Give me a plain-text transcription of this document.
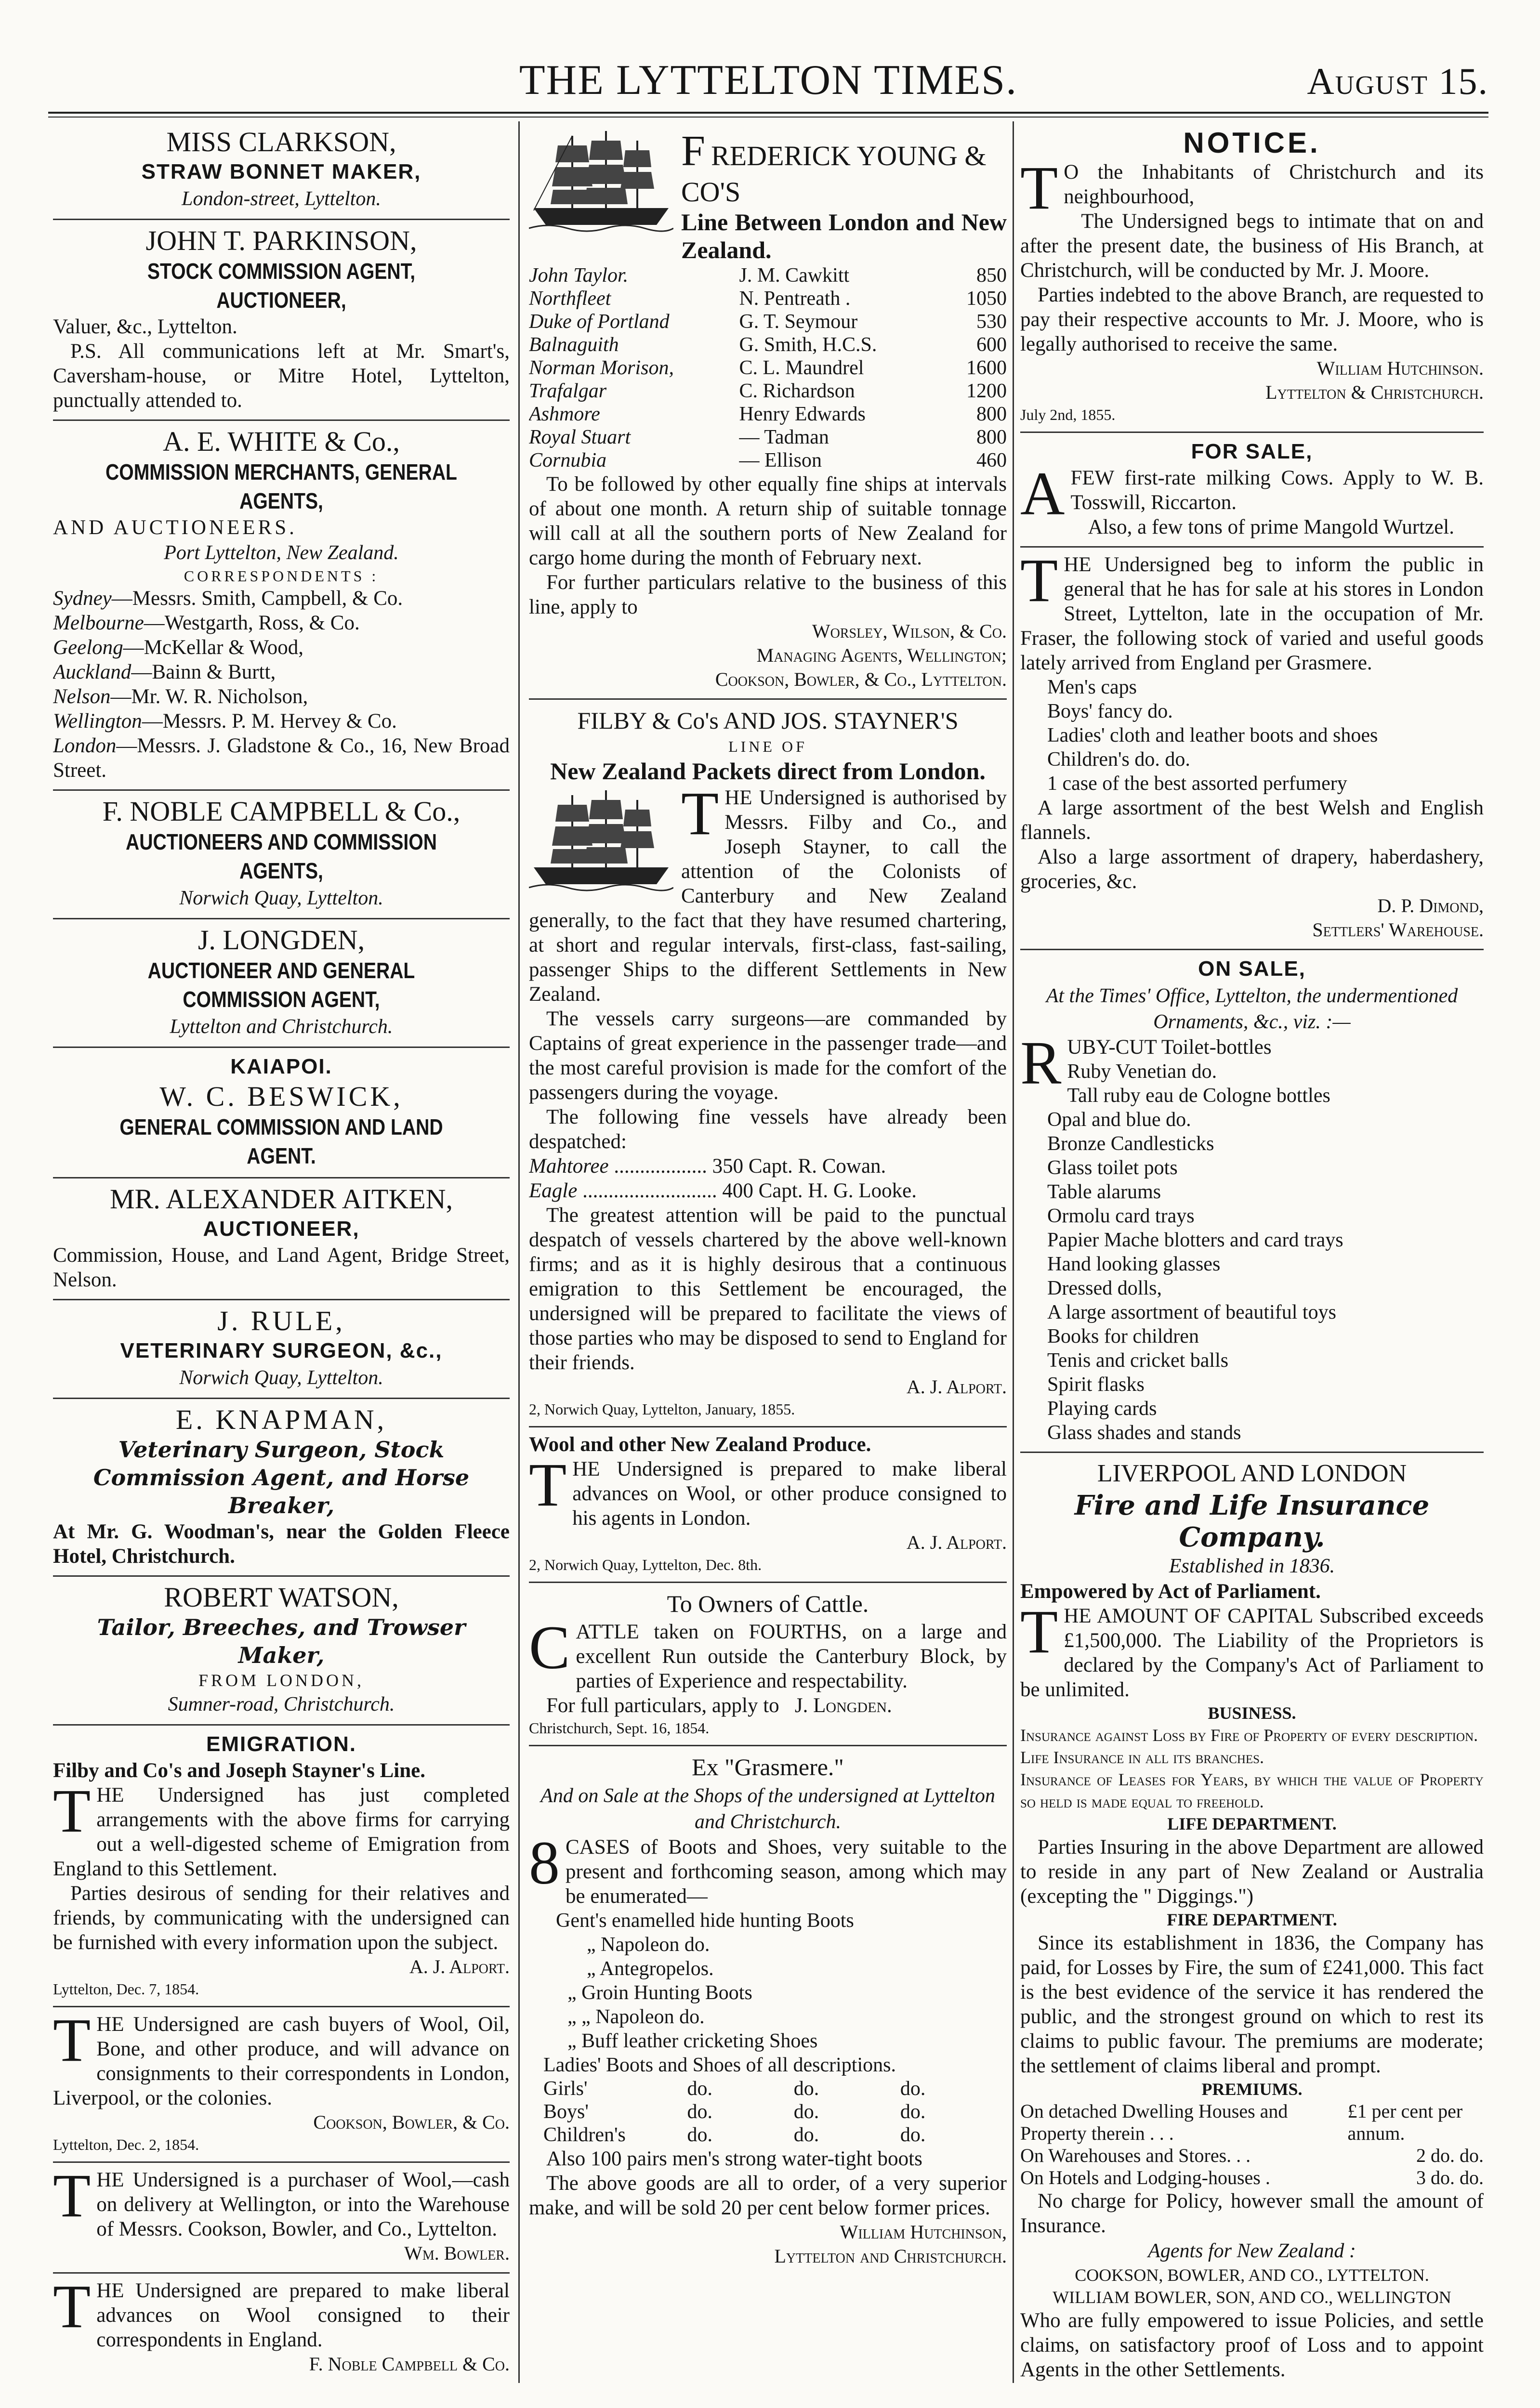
THE LYTTELTON TIMES.	August 15.

MISS CLARKSON,

STRAW BONNET MAKER,

London-street, Lyttelton.

JOHN T. PARKINSON,

STOCK COMMISSION AGENT, AUCTIONEER,

Valuer, &c., Lyttelton.

P.S. All communications left at Mr. Smart's, Caversham-house, or Mitre Hotel, Lyttelton, punctually attended to.

A. E. WHITE & Co.,

COMMISSION MERCHANTS, GENERAL AGENTS,

AND AUCTIONEERS.

Port Lyttelton, New Zealand.

CORRESPONDENTS :

Sydney—Messrs. Smith, Campbell, & Co.

Melbourne—Westgarth, Ross, & Co.

Geelong—McKellar & Wood,

Auckland—Bainn & Burtt,

Nelson—Mr. W. R. Nicholson,

Wellington—Messrs. P. M. Hervey & Co.

London—Messrs. J. Gladstone & Co., 16, New Broad Street.

F. NOBLE CAMPBELL & Co.,

AUCTIONEERS AND COMMISSION AGENTS,

Norwich Quay, Lyttelton.

J. LONGDEN,

AUCTIONEER AND GENERAL COMMISSION AGENT,

Lyttelton and Christchurch.

KAIAPOI.

W. C. BESWICK,

GENERAL COMMISSION AND LAND AGENT.

MR. ALEXANDER AITKEN,

AUCTIONEER,

Commission, House, and Land Agent, Bridge Street, Nelson.

J. RULE,

VETERINARY SURGEON, &c.,

Norwich Quay, Lyttelton.

E. KNAPMAN,

Veterinary Surgeon, Stock Commission Agent, and Horse Breaker,

At Mr. G. Woodman's, near the Golden Fleece Hotel, Christchurch.

ROBERT WATSON,

Tailor, Breeches, and Trowser Maker,

FROM LONDON,

Sumner-road, Christchurch.

EMIGRATION.

Filby and Co's and Joseph Stayner's Line.

THE Undersigned has just completed arrangements with the above firms for carrying out a well-digested scheme of Emigration from England to this Settlement.

Parties desirous of sending for their relatives and friends, by communicating with the undersigned can be furnished with every information upon the subject.

A. J. Alport.

Lyttelton, Dec. 7, 1854.

THE Undersigned are cash buyers of Wool, Oil, Bone, and other produce, and will advance on consignments to their correspondents in London, Liverpool, or the colonies.

Cookson, Bowler, & Co.

Lyttelton, Dec. 2, 1854.

THE Undersigned is a purchaser of Wool,—cash on delivery at Wellington, or into the Warehouse of Messrs. Cookson, Bowler, and Co., Lyttelton.

Wm. Bowler.

THE Undersigned are prepared to make liberal advances on Wool consigned to their correspondents in England.

F. Noble Campbell & Co.

FREDERICK YOUNG & CO'S

Line Between London and New Zealand.

John Taylor.	J. M. Cawkitt	850
Northfleet	N. Pentreath .	1050
Duke of Portland	G. T. Seymour	530
Balnaguith	G. Smith, H.C.S.	600
Norman Morison,	C. L. Maundrel	1600
Trafalgar	C. Richardson	1200
Ashmore	Henry Edwards	800
Royal Stuart	— Tadman	800
Cornubia	— Ellison	460

To be followed by other equally fine ships at intervals of about one month. A return ship of suitable tonnage will call at all the southern ports of New Zealand for cargo home during the month of February next.

For further particulars relative to the business of this line, apply to

Worsley, Wilson, & Co.

Managing Agents, Wellington;

Cookson, Bowler, & Co., Lyttelton.

FILBY & Co's AND JOS. STAYNER'S

LINE OF

New Zealand Packets direct from London.

THE Undersigned is authorised by Messrs. Filby and Co., and Joseph Stayner, to call the attention of the Colonists of Canterbury and New Zealand generally, to the fact that they have resumed chartering, at short and regular intervals, first-class, fast-sailing, passenger Ships to the different Settlements in New Zealand.

The vessels carry surgeons—are commanded by Captains of great experience in the passenger trade—and the most careful provision is made for the comfort of the passengers during the voyage.

The following fine vessels have already been despatched:

Mahtoree .................. 350 Capt. R. Cowan.

Eagle .......................... 400 Capt. H. G. Looke.

The greatest attention will be paid to the punctual despatch of vessels chartered by the above well-known firms; and as it is highly desirous that a continuous emigration to this Settlement be encouraged, the undersigned will be prepared to facilitate the views of those parties who may be disposed to send to England for their friends.

A. J. Alport.

2, Norwich Quay, Lyttelton, January, 1855.

Wool and other New Zealand Produce.

THE Undersigned is prepared to make liberal advances on Wool, or other produce consigned to his agents in London.

A. J. Alport.

2, Norwich Quay, Lyttelton, Dec. 8th.

To Owners of Cattle.

CATTLE taken on FOURTHS, on a large and excellent Run outside the Canterbury Block, by parties of Experience and respectability.

For full particulars, apply to J. Longden.

Christchurch, Sept. 16, 1854.

Ex "Grasmere."

And on Sale at the Shops of the undersigned at Lyttelton and Christchurch.

8 CASES of Boots and Shoes, very suitable to the present and forthcoming season, among which may be enumerated—

Gent's enamelled hide hunting Boots

„ Napoleon do.

„ Antegropelos.

„ Groin Hunting Boots

„ „ Napoleon do.

„ Buff leather cricketing Shoes

Ladies' Boots and Shoes of all descriptions.

Girls'	do.	do.	do.
Boys'	do.	do.	do.
Children's	do.	do.	do.

Also 100 pairs men's strong water-tight boots

The above goods are all to order, of a very superior make, and will be sold 20 per cent below former prices.

William Hutchinson,

Lyttelton and Christchurch.

NOTICE.

T O the Inhabitants of Christchurch and its neighbourhood,

The Undersigned begs to intimate that on and after the present date, the business of His Branch, at Christchurch, will be conducted by Mr. J. Moore.

Parties indebted to the above Branch, are requested to pay their respective accounts to Mr. J. Moore, who is legally authorised to receive the same.

William Hutchinson.

Lyttelton & Christchurch.

July 2nd, 1855.

FOR SALE,

AFEW first-rate milking Cows. Apply to W. B. Tosswill, Riccarton.

Also, a few tons of prime Mangold Wurtzel.

THE Undersigned beg to inform the public in general that he has for sale at his stores in London Street, Lyttelton, late in the occupation of Mr. Fraser, the following stock of varied and useful goods lately arrived from England per Grasmere.

Men's caps

Boys' fancy do.

Ladies' cloth and leather boots and shoes

Children's do. do.

1 case of the best assorted perfumery

A large assortment of the best Welsh and English flannels.

Also a large assortment of drapery, haberdashery, groceries, &c.

D. P. Dimond,

Settlers' Warehouse.

ON SALE,

At the Times' Office, Lyttelton, the undermentioned Ornaments, &c., viz. :—

RUBY-CUT Toilet-bottles

Ruby Venetian do.

Tall ruby eau de Cologne bottles

Opal and blue do.

Bronze Candlesticks

Glass toilet pots

Table alarums

Ormolu card trays

Papier Mache blotters and card trays

Hand looking glasses

Dressed dolls,

A large assortment of beautiful toys

Books for children

Tenis and cricket balls

Spirit flasks

Playing cards

Glass shades and stands

LIVERPOOL AND LONDON

Fire and Life Insurance Company.

Established in 1836.

Empowered by Act of Parliament.

THE AMOUNT OF CAPITAL Subscribed exceeds £1,500,000. The Liability of the Proprietors is declared by the Company's Act of Parliament to be unlimited.

BUSINESS.

Insurance against Loss by Fire of Property of every description.

Life Insurance in all its branches.

Insurance of Leases for Years, by which the value of Property so held is made equal to freehold.

LIFE DEPARTMENT.

Parties Insuring in the above Department are allowed to reside in any part of New Zealand or Australia (excepting the " Diggings.")

FIRE DEPARTMENT.

Since its establishment in 1836, the Company has paid, for Losses by Fire, the sum of £241,000. This fact is the best evidence of the service it has rendered the public, and the strongest ground on which to rest its claims to public favour. The premiums are moderate; the settlement of claims liberal and prompt.

PREMIUMS.

On detached Dwelling Houses and Property therein . . .
£1 per cent per annum.
On Warehouses and Stores. . .	2 do. do.
On Hotels and Lodging-houses .	3 do. do.

No charge for Policy, however small the amount of Insurance.

Agents for New Zealand :

COOKSON, BOWLER, AND CO., LYTTELTON.

WILLIAM BOWLER, SON, AND CO., WELLINGTON

Who are fully empowered to issue Policies, and settle claims, on satisfactory proof of Loss and to appoint Agents in the other Settlements.
